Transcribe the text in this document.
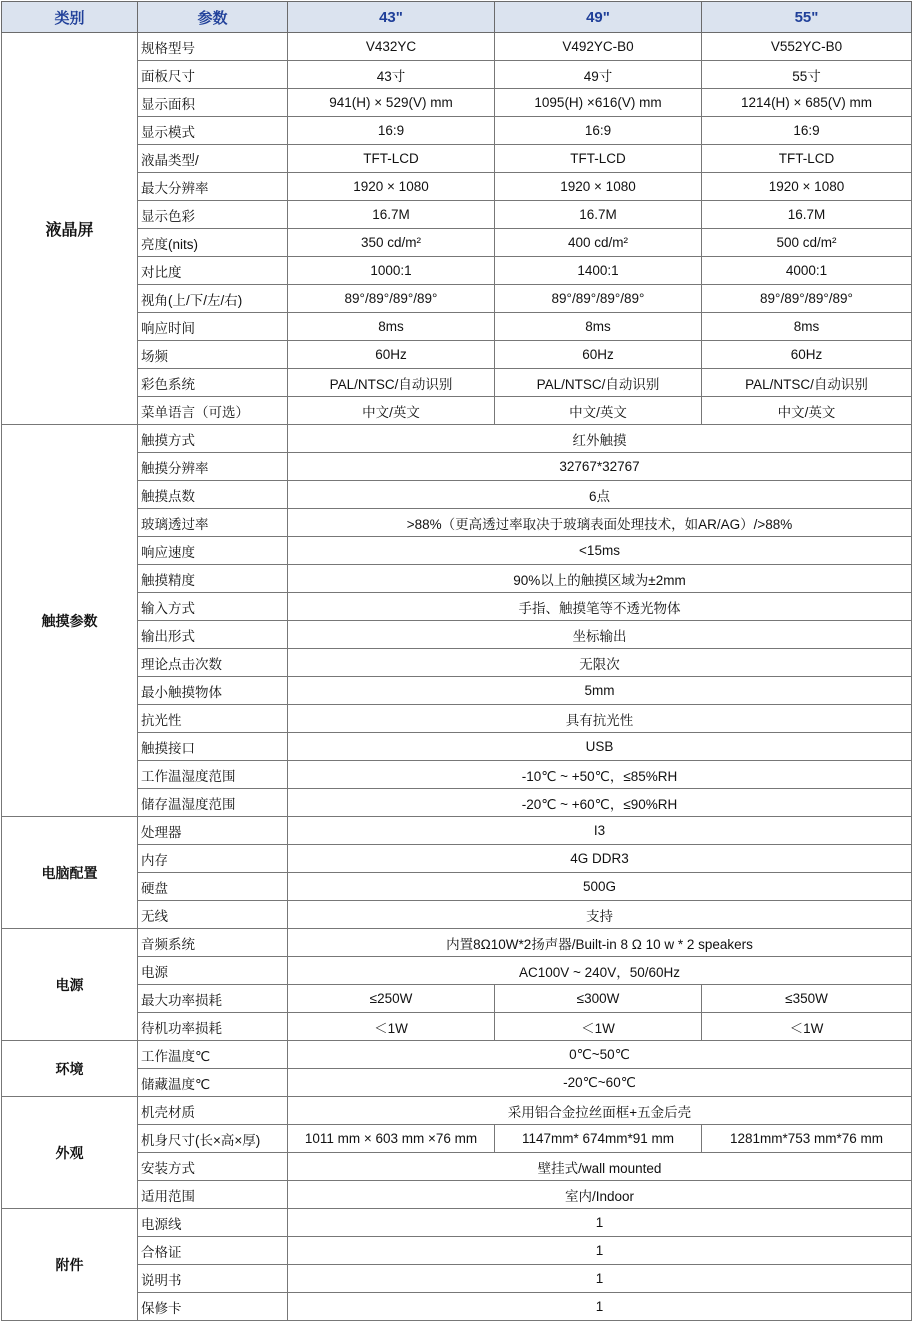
类别	参数	43"	49"	55"
液晶屏	规格型号	V432YC	V492YC-B0	V552YC-B0
	面板尺寸	43寸	49寸	55寸
	显示面积	941(H) × 529(V) mm	1095(H) ×616(V) mm	1214(H) × 685(V) mm
	显示模式	16:9	16:9	16:9
	液晶类型/	TFT-LCD	TFT-LCD	TFT-LCD
	最大分辨率	1920 × 1080	1920 × 1080	1920 × 1080
	显示色彩	16.7M	16.7M	16.7M
	亮度(nits)	350 cd/m²	400 cd/m²	500 cd/m²
	对比度	1000:1	1400:1	4000:1
	视角(上/下/左/右)	89°/89°/89°/89°	89°/89°/89°/89°	89°/89°/89°/89°
	响应时间	8ms	8ms	8ms
	场频	60Hz	60Hz	60Hz
	彩色系统	PAL/NTSC/自动识别	PAL/NTSC/自动识别	PAL/NTSC/自动识别
	菜单语言（可选）	中文/英文	中文/英文	中文/英文
触摸参数	触摸方式	红外触摸		
	触摸分辨率	32767*32767		
	触摸点数	6点		
	玻璃透过率	>88%（更高透过率取决于玻璃表面处理技术，如AR/AG）/>88%		
	响应速度	<15ms		
	触摸精度	90%以上的触摸区域为±2mm		
	输入方式	手指、触摸笔等不透光物体		
	输出形式	坐标输出		
	理论点击次数	无限次		
	最小触摸物体	5mm		
	抗光性	具有抗光性		
	触摸接口	USB		
	工作温湿度范围	-10℃ ~ +50℃，≤85%RH		
	储存温湿度范围	-20℃ ~ +60℃，≤90%RH		
电脑配置	处理器	I3		
	内存	4G DDR3		
	硬盘	500G		
	无线	支持		
电源	音频系统	内置8Ω10W*2扬声器/Built-in 8 Ω 10 w * 2 speakers		
	电源	AC100V ~ 240V，50/60Hz		
	最大功率损耗	≤250W	≤300W	≤350W
	待机功率损耗	＜1W	＜1W	＜1W
环境	工作温度℃	0℃~50℃		
	储藏温度℃	-20℃~60℃		
外观	机壳材质	采用铝合金拉丝面框+五金后壳		
	机身尺寸(长×高×厚)	1011 mm × 603 mm ×76 mm	1147mm* 674mm*91 mm	1281mm*753 mm*76 mm
	安装方式	壁挂式/wall mounted		
	适用范围	室内/Indoor		
附件	电源线	1		
	合格证	1		
	说明书	1		
	保修卡	1		
